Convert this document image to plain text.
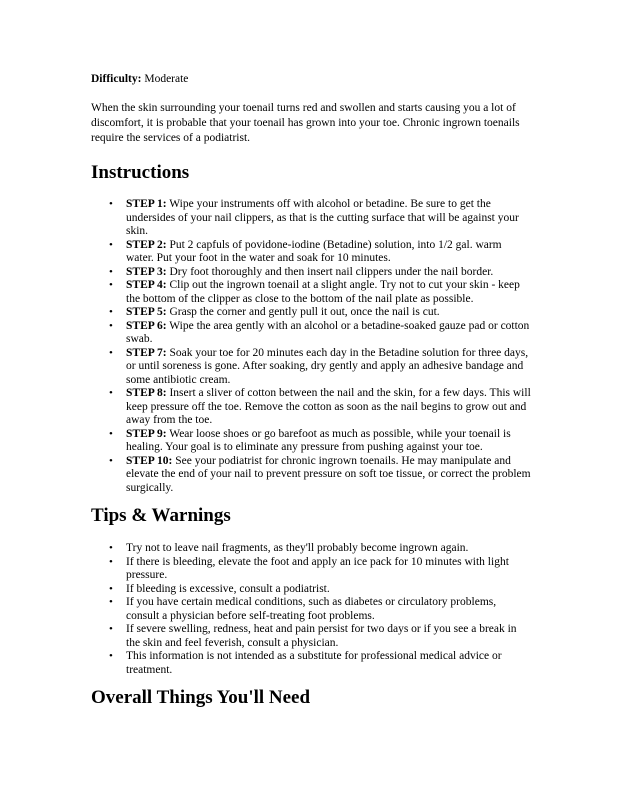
Difficulty: Moderate

When the skin surrounding your toenail turns red and swollen and starts causing you a lot of discomfort, it is probable that your toenail has grown into your toe. Chronic ingrown toenails require the services of a podiatrist.

Instructions
• STEP 1: Wipe your instruments off with alcohol or betadine. Be sure to get the undersides of your nail clippers, as that is the cutting surface that will be against your skin.
• STEP 2: Put 2 capfuls of povidone-iodine (Betadine) solution, into 1/2 gal. warm water. Put your foot in the water and soak for 10 minutes.
• STEP 3: Dry foot thoroughly and then insert nail clippers under the nail border.
• STEP 4: Clip out the ingrown toenail at a slight angle. Try not to cut your skin - keep the bottom of the clipper as close to the bottom of the nail plate as possible.
• STEP 5: Grasp the corner and gently pull it out, once the nail is cut.
• STEP 6: Wipe the area gently with an alcohol or a betadine-soaked gauze pad or cotton swab.
• STEP 7: Soak your toe for 20 minutes each day in the Betadine solution for three days, or until soreness is gone. After soaking, dry gently and apply an adhesive bandage and some antibiotic cream.
• STEP 8: Insert a sliver of cotton between the nail and the skin, for a few days. This will keep pressure off the toe. Remove the cotton as soon as the nail begins to grow out and away from the toe.
• STEP 9: Wear loose shoes or go barefoot as much as possible, while your toenail is healing. Your goal is to eliminate any pressure from pushing against your toe.
• STEP 10: See your podiatrist for chronic ingrown toenails. He may manipulate and elevate the end of your nail to prevent pressure on soft toe tissue, or correct the problem surgically.
Tips & Warnings
• Try not to leave nail fragments, as they'll probably become ingrown again.
• If there is bleeding, elevate the foot and apply an ice pack for 10 minutes with light pressure.
• If bleeding is excessive, consult a podiatrist.
• If you have certain medical conditions, such as diabetes or circulatory problems, consult a physician before self-treating foot problems.
• If severe swelling, redness, heat and pain persist for two days or if you see a break in the skin and feel feverish, consult a physician.
• This information is not intended as a substitute for professional medical advice or treatment.
Overall Things You'll Need
